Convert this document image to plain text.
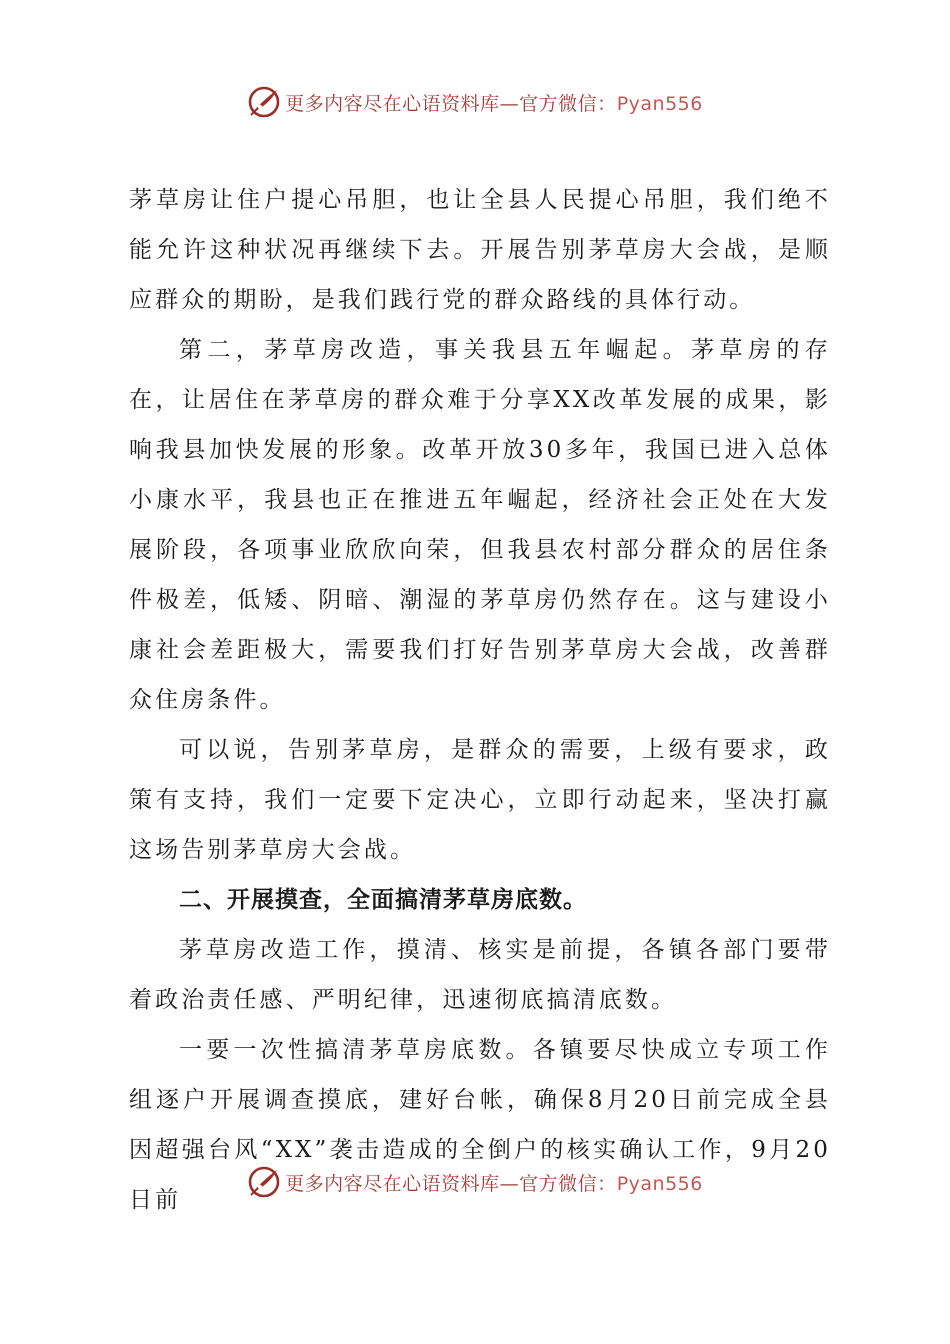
更多内容尽在心语资料库—官方微信：Pyan556

茅草房让住户提心吊胆，也让全县人民提心吊胆，我们绝不能允许这种状况再继续下去。开展告别茅草房大会战，是顺应群众的期盼，是我们践行党的群众路线的具体行动。

第二，茅草房改造，事关我县五年崛起。茅草房的存在，让居住在茅草房的群众难于分享XX改革发展的成果，影响我县加快发展的形象。改革开放30多年，我国已进入总体小康水平，我县也正在推进五年崛起，经济社会正处在大发展阶段，各项事业欣欣向荣，但我县农村部分群众的居住条件极差，低矮、阴暗、潮湿的茅草房仍然存在。这与建设小康社会差距极大，需要我们打好告别茅草房大会战，改善群众住房条件。

可以说，告别茅草房，是群众的需要，上级有要求，政策有支持，我们一定要下定决心，立即行动起来，坚决打赢这场告别茅草房大会战。

二、开展摸查，全面搞清茅草房底数。

茅草房改造工作，摸清、核实是前提，各镇各部门要带着政治责任感、严明纪律，迅速彻底搞清底数。

一要一次性搞清茅草房底数。各镇要尽快成立专项工作组逐户开展调查摸底，建好台帐，确保8月20日前完成全县因超强台风“XX”袭击造成的全倒户的核实确认工作，9月20日前

更多内容尽在心语资料库—官方微信：Pyan556
